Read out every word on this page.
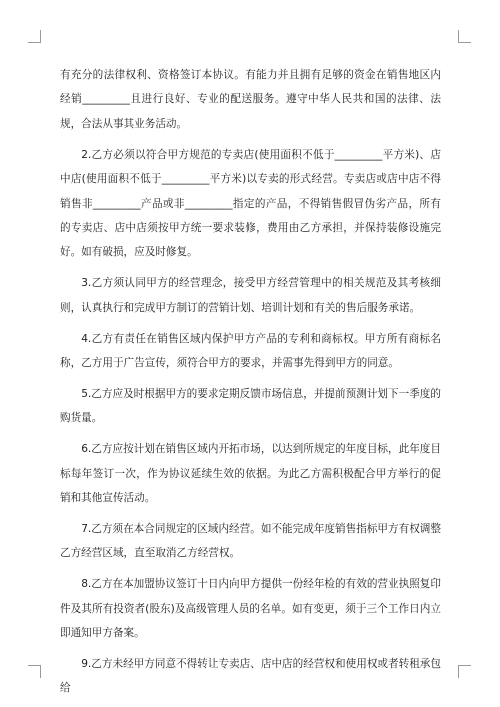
有充分的法律权利、资格签订本协议。有能力并且拥有足够的资金在销售地区内经销_________且进行良好、专业的配送服务。遵守中华人民共和国的法律、法规，合法从事其业务活动。

2.乙方必须以符合甲方规范的专卖店(使用面积不低于_________平方米)、店中店(使用面积不低于_________平方米)以专卖的形式经营。专卖店或店中店不得销售非_________产品或非_________指定的产品，不得销售假冒伪劣产品，所有的专卖店、店中店须按甲方统一要求装修，费用由乙方承担，并保持装修设施完好。如有破损，应及时修复。

3.乙方须认同甲方的经营理念，接受甲方经营管理中的相关规范及其考核细则，认真执行和完成甲方制订的营销计划、培训计划和有关的售后服务承诺。

4.乙方有责任在销售区域内保护甲方产品的专利和商标权。甲方所有商标名称，乙方用于广告宣传，须符合甲方的要求，并需事先得到甲方的同意。

5.乙方应及时根据甲方的要求定期反馈市场信息，并提前预测计划下一季度的购货量。

6.乙方应按计划在销售区域内开拓市场，以达到所规定的年度目标，此年度目标每年签订一次，作为协议延续生效的依据。为此乙方需积极配合甲方举行的促销和其他宣传活动。

7.乙方须在本合同规定的区域内经营。如不能完成年度销售指标甲方有权调整乙方经营区域，直至取消乙方经营权。

8.乙方在本加盟协议签订十日内向甲方提供一份经年检的有效的营业执照复印件及其所有投资者(股东)及高级管理人员的名单。如有变更，须于三个工作日内立即通知甲方备案。

9.乙方未经甲方同意不得转让专卖店、店中店的经营权和使用权或者转租承包给
